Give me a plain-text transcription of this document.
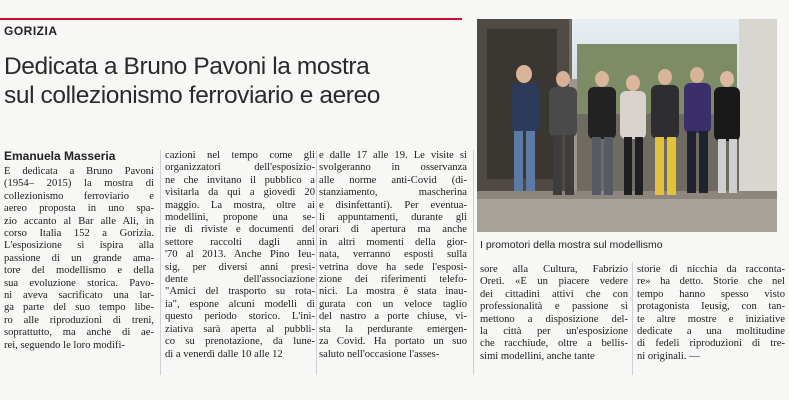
GORIZIA
Dedicata a Bruno Pavoni la mostra
sul collezionismo ferroviario e aereo
Emanuela Masseria
È dedicata a Bruno Pavoni
(1954– 2015) la mostra di
collezionismo ferroviario e
aereo proposta in uno spa-
zio accanto al Bar alle Ali, in
corso Italia 152 a Gorizia.
L'esposizione si ispira alla
passione di un grande ama-
tore del modellismo e della
sua evoluzione storica. Pavo-
ni aveva sacrificato una lar-
ga parte del suo tempo libe-
ro alle riproduzioni di treni,
soprattutto, ma anche di ae-
rei, seguendo le loro modifi-
cazioni nel tempo come gli
organizzatori dell'esposizio-
ne che invitano il pubblico a
visitarla da qui a giovedì 20
maggio. La mostra, oltre ai
modellini, propone una se-
rie di riviste e documenti del
settore raccolti dagli anni
'70 al 2013. Anche Pino Ieu-
sig, per diversi anni presi-
dente dell'associazione
"Amici del trasporto su rota-
ia", espone alcuni modelli di
questo periodo storico. L'ini-
ziativa sarà aperta al pubbli-
co su prenotazione, da lune-
dì a venerdì dalle 10 alle 12
e dalle 17 alle 19. Le visite si
svolgeranno in osservanza
alle norme anti-Covid (di-
stanziamento, mascherina
e disinfettanti). Per eventua-
li appuntamenti, durante gli
orari di apertura ma anche
in altri momenti della gior-
nata, verranno esposti sulla
vetrina dove ha sede l'esposi-
zione dei riferimenti telefo-
nici. La mostra è stata inau-
gurata con un veloce taglio
del nastro a porte chiuse, vi-
sta la perdurante emergen-
za Covid. Ha portato un suo
saluto nell'occasione l'asses-
sore alla Cultura, Fabrizio
Oreti. «È un piacere vedere
dei cittadini attivi che con
professionalità e passione si
mettono a disposizione del-
la città per un'esposizione
che racchiude, oltre a bellis-
simi modellini, anche tante
storie di nicchia da racconta-
re» ha detto. Storie che nel
tempo hanno spesso visto
protagonista Ieusig, con tan-
te altre mostre e iniziative
dedicate a una moltitudine
di fedeli riproduzioni di tre-
ni originali. —
I promotori della mostra sul modellismo
